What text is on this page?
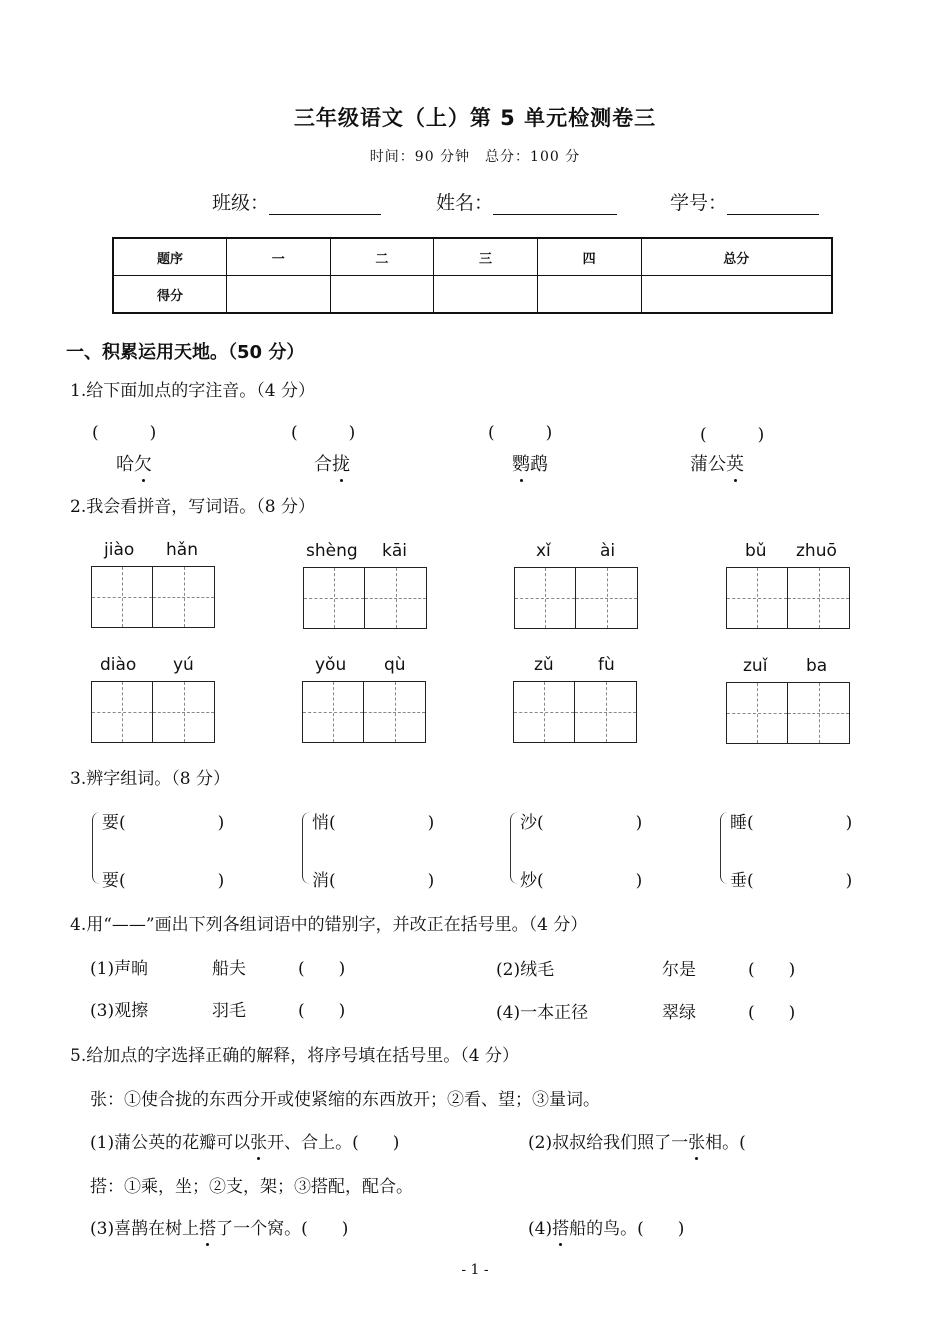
三年级语文（上）第 5 单元检测卷三
时间：90 分钟　总分：100 分
班级：	姓名：	学号：
题序	一	二	三	四	总分
得分					
一、积累运用天地。（50 分）
1.给下面加点的字注音。（4 分）
(　　　)	(　　　)	(　　　)	(　　　)
哈欠	合拢	鹦鹉	蒲公英
2.我会看拼音，写词语。（8 分）
jiào hǎn	shèng kāi	xǐ	ài	bǔ zhuō
diào yú	yǒu qù	zǔ	fù	zuǐ ba
3.辨字组词。（8 分）
要(	)
要(	)
悄(	)
消(	)
沙(	)
炒(	)
睡(	)
垂(	)
4.用“——”画出下列各组词语中的错别字，并改正在括号里。（4 分）
(1)声晌	船夫	(　　)	(2)绒毛	尔是	(　　)
(3)观擦	羽毛	(　　)	(4)一本正径	翠绿	(　　)
5.给加点的字选择正确的解释，将序号填在括号里。（4 分）
张：①使合拢的东西分开或使紧缩的东西放开；②看、望；③量词。
(1)蒲公英的花瓣可以张开、合上。(　　)	(2)叔叔给我们照了一张相。(
搭：①乘，坐；②支，架；③搭配，配合。
(3)喜鹊在树上搭了一个窝。(　　)	(4)搭船的鸟。(　　)
- 1 -
